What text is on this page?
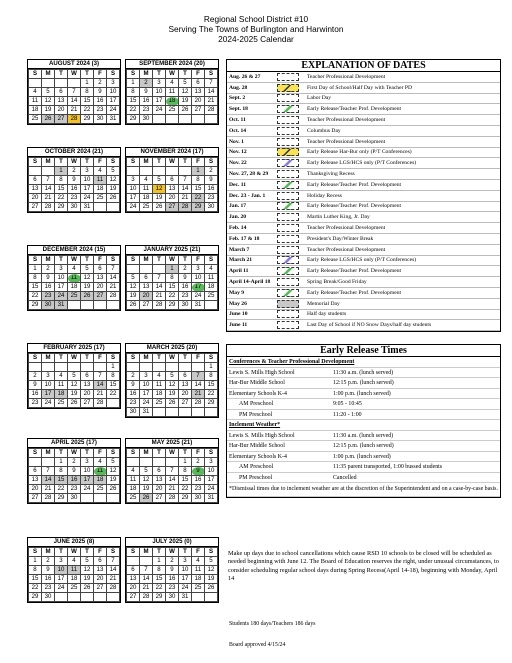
Regional School District #10
Serving The Towns of Burlington and Harwinton
2024-2025 Calendar
AUGUST 2024 (3)
S	M	T	W	T	F	S
				1	2	3
4	5	6	7	8	9	10
11	12	13	14	15	16	17
18	19	20	21	22	23	24
25	26	27	28	29	30	31
SEPTEMBER 2024 (20)
S	M	T	W	T	F	S
1	2	3	4	5	6	7
8	9	10	11	12	13	14
15	16	17	18	19	20	21
22	23	24	25	26	27	28
29	30					
OCTOBER 2024 (21)
S	M	T	W	T	F	S
		1	2	3	4	5
6	7	8	9	10	11	12
13	14	15	16	17	18	19
20	21	22	23	24	25	26
27	28	29	30	31		
NOVEMBER 2024 (17)
S	M	T	W	T	F	S
					1	2
3	4	5	6	7	8	9
10	11	12	13	14	15	16
17	18	19	20	21	22	23
24	25	26	27	28	29	30
DECEMBER 2024 (15)
S	M	T	W	T	F	S
1	2	3	4	5	6	7
8	9	10	11	12	13	14
15	16	17	18	19	20	21
22	23	24	25	26	27	28
29	30	31				
JANUARY 2025 (21)
S	M	T	W	T	F	S
			1	2	3	4
5	6	7	8	9	10	11
12	13	14	15	16	17	18
19	20	21	22	23	24	25
26	27	28	29	30	31	
FEBRUARY 2025 (17)
S	M	T	W	T	F	S
						1
2	3	4	5	6	7	8
9	10	11	12	13	14	15
16	17	18	19	20	21	22
23	24	25	26	27	28	
MARCH 2025 (20)
S	M	T	W	T	F	S
						1
2	3	4	5	6	7	8
9	10	11	12	13	14	15
16	17	18	19	20	21	22
23	24	25	26	27	28	29
30	31					
APRIL 2025 (17)
S	M	T	W	T	F	S
		1	2	3	4	5
6	7	8	9	10	11	12
13	14	15	16	17	18	19
20	21	22	23	24	25	26
27	28	29	30			
MAY 2025 (21)
S	M	T	W	T	F	S
				1	2	3
4	5	6	7	8	9	10
11	12	13	14	15	16	17
18	19	20	21	22	23	24
25	26	27	28	29	30	31
JUNE 2025 (8)
S	M	T	W	T	F	S
1	2	3	4	5	6	7
8	9	10	11	12	13	14
15	16	17	18	19	20	21
22	23	24	25	26	27	28
29	30					
JULY 2025 (0)
S	M	T	W	T	F	S
		1	2	3	4	5
6	7	8	9	10	11	12
13	14	15	16	17	18	19
20	21	22	23	24	25	26
27	28	29	30	31		
EXPLANATION OF DATES
Aug. 26 & 27	Teacher Professional Development
Aug. 28	First Day of School/Half Day with Teacher PD
Sept. 2	Labor Day
Sept. 18	Early Release/Teacher Prof. Development
Oct. 11	Teacher Professional Development
Oct. 14	Columbus Day
Nov. 1	Teacher Professional Development
Nov. 12	Early Release Har-Bur only (P/T Conferences)
Nov. 22	Early Release LGS/HCS only (P/T Conferences)
Nov. 27, 28 & 29	Thanksgiving Recess
Dec. 11	Early Release/Teacher Prof. Development
Dec. 23 - Jan. 1	Holiday Recess
Jan. 17	Early Release/Teacher Prof. Development
Jan. 20	Martin Luther King, Jr. Day
Feb. 14	Teacher Professional Development
Feb. 17 & 18	President's Day/Winter Break
March 7	Teacher Professional Development
March 21	Early Release LGS/HCS only (P/T Conferences)
April 11	Early Release/Teacher Prof. Development
April 14-April 18	Spring Break/Good Friday
May 9	Early Release/Teacher Prof. Development
May 26	Memorial Day
June 10	Half day students
June 11	Last Day of School if NO Snow Days/half day students
Early Release Times
Conferences & Teacher Professional Development
Lewis S. Mills High School	11:30 a.m. (lunch served)
Har-Bur Middle School	12:15 p.m. (lunch served)
Elementary Schools K-4	1:00 p.m. (lunch served)
AM Preschool	9:05 - 10:45
PM Preschool	11:20 - 1:00
Inclement Weather*
Lewis S. Mills High School	11:30 a.m. (lunch served)
Har-Bur Middle School	12:15 p.m. (lunch served)
Elementary Schools K-4	1:00 p.m. (lunch served)
AM Preschool	11:35 parent transported, 1:00 bussed students
PM Preschool	Cancelled
*Dismissal times due to inclement weather are at the discretion of the Superintendent and on a case-by-case basis.
Make up days due to school cancellations which cause RSD 10 schools to be closed will be scheduled as needed beginning with June 12. The Board of Education reserves the right, under unusual circumstances, to consider scheduling regular school days during Spring Recess(April 14-18), beginning with Monday, April 14
Students 180 days/Teachers 186 days
Board approved 4/15/24
